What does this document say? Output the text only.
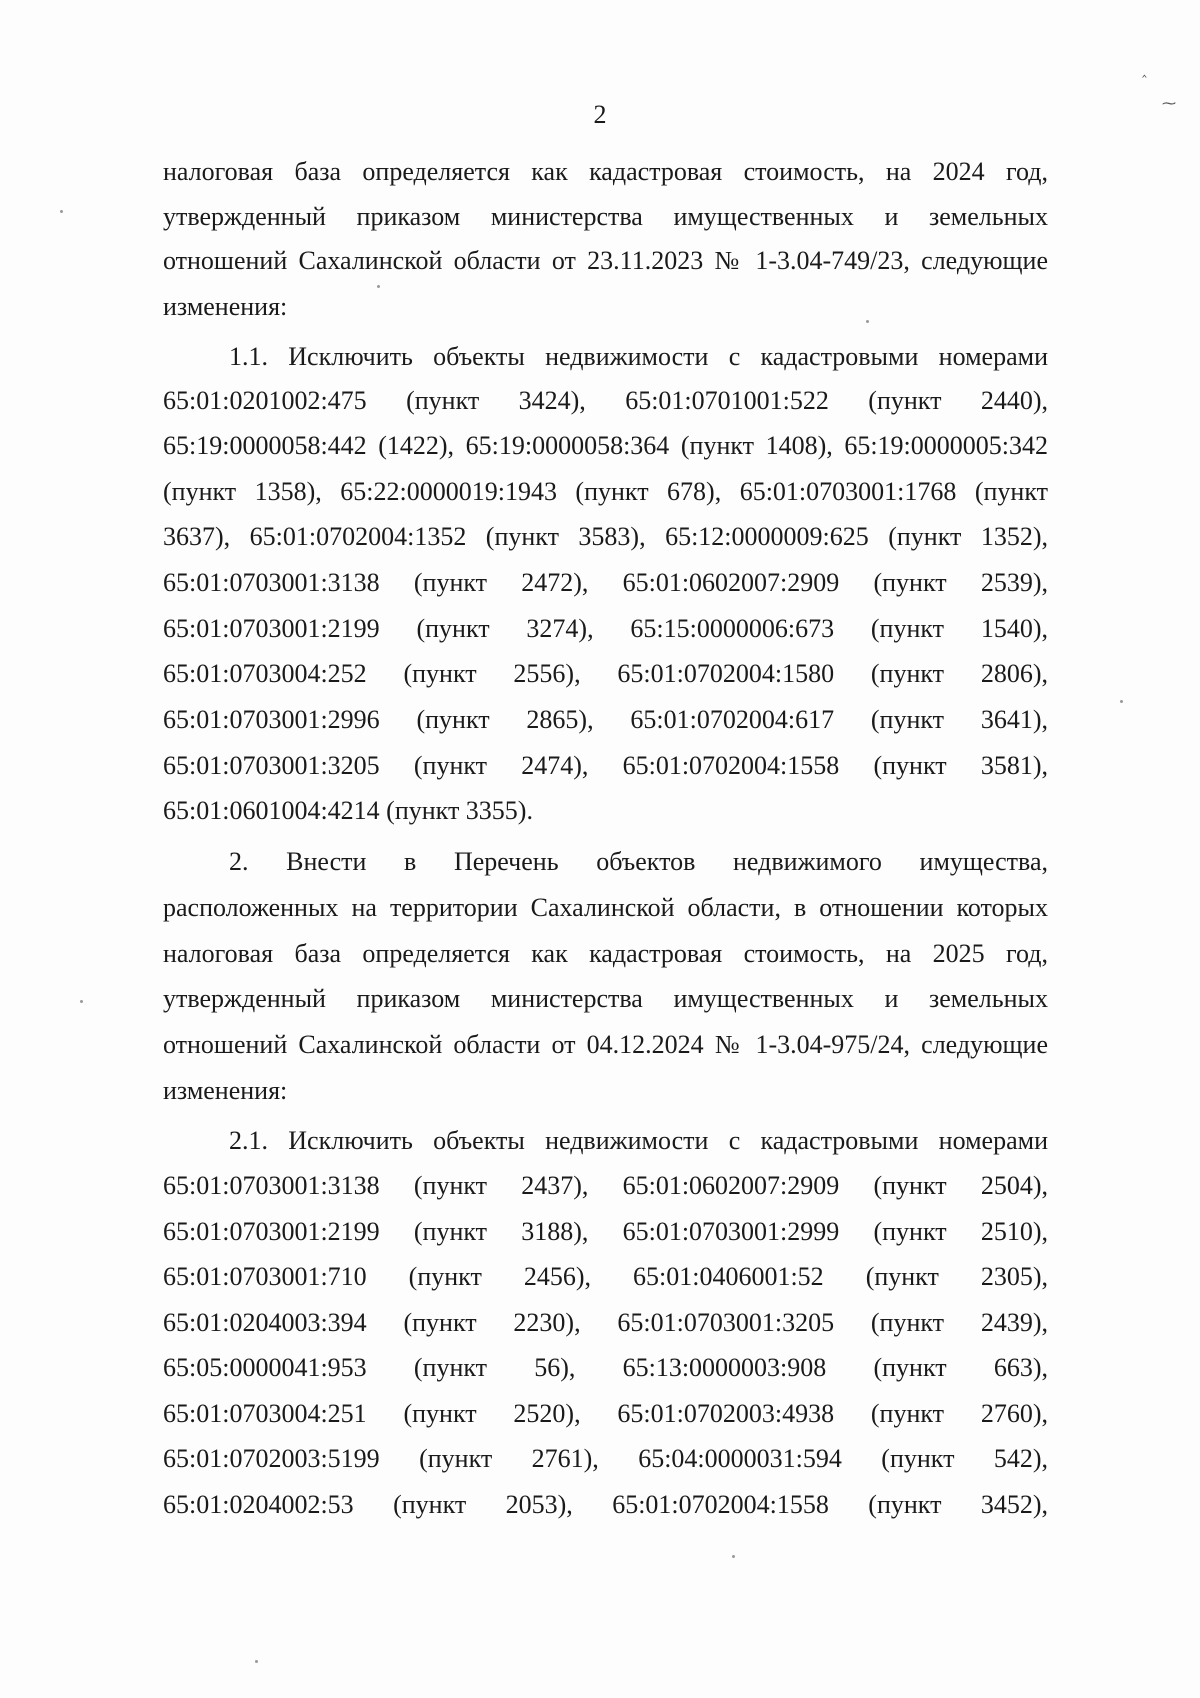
2
налоговая база определяется как кадастровая стоимость, на 2024 год,
утвержденный приказом министерства имущественных и земельных
отношений Сахалинской области от 23.11.2023 № 1-3.04-749/23, следующие
изменения:
1.1. Исключить объекты недвижимости с кадастровыми номерами
65:01:0201002:475 (пункт 3424), 65:01:0701001:522 (пункт 2440),
65:19:0000058:442 (1422), 65:19:0000058:364 (пункт 1408), 65:19:0000005:342
(пункт 1358), 65:22:0000019:1943 (пункт 678), 65:01:0703001:1768 (пункт
3637), 65:01:0702004:1352 (пункт 3583), 65:12:0000009:625 (пункт 1352),
65:01:0703001:3138 (пункт 2472), 65:01:0602007:2909 (пункт 2539),
65:01:0703001:2199 (пункт 3274), 65:15:0000006:673 (пункт 1540),
65:01:0703004:252 (пункт 2556), 65:01:0702004:1580 (пункт 2806),
65:01:0703001:2996 (пункт 2865), 65:01:0702004:617 (пункт 3641),
65:01:0703001:3205 (пункт 2474), 65:01:0702004:1558 (пункт 3581),
65:01:0601004:4214 (пункт 3355).
2. Внести в Перечень объектов недвижимого имущества,
расположенных на территории Сахалинской области, в отношении которых
налоговая база определяется как кадастровая стоимость, на 2025 год,
утвержденный приказом министерства имущественных и земельных
отношений Сахалинской области от 04.12.2024 № 1-3.04-975/24, следующие
изменения:
2.1. Исключить объекты недвижимости с кадастровыми номерами
65:01:0703001:3138 (пункт 2437), 65:01:0602007:2909 (пункт 2504),
65:01:0703001:2199 (пункт 3188), 65:01:0703001:2999 (пункт 2510),
65:01:0703001:710 (пункт 2456), 65:01:0406001:52 (пункт 2305),
65:01:0204003:394 (пункт 2230), 65:01:0703001:3205 (пункт 2439),
65:05:0000041:953 (пункт 56), 65:13:0000003:908 (пункт 663),
65:01:0703004:251 (пункт 2520), 65:01:0702003:4938 (пункт 2760),
65:01:0702003:5199 (пункт 2761), 65:04:0000031:594 (пункт 542),
65:01:0204002:53 (пункт 2053), 65:01:0702004:1558 (пункт 3452),
‸
⁓
